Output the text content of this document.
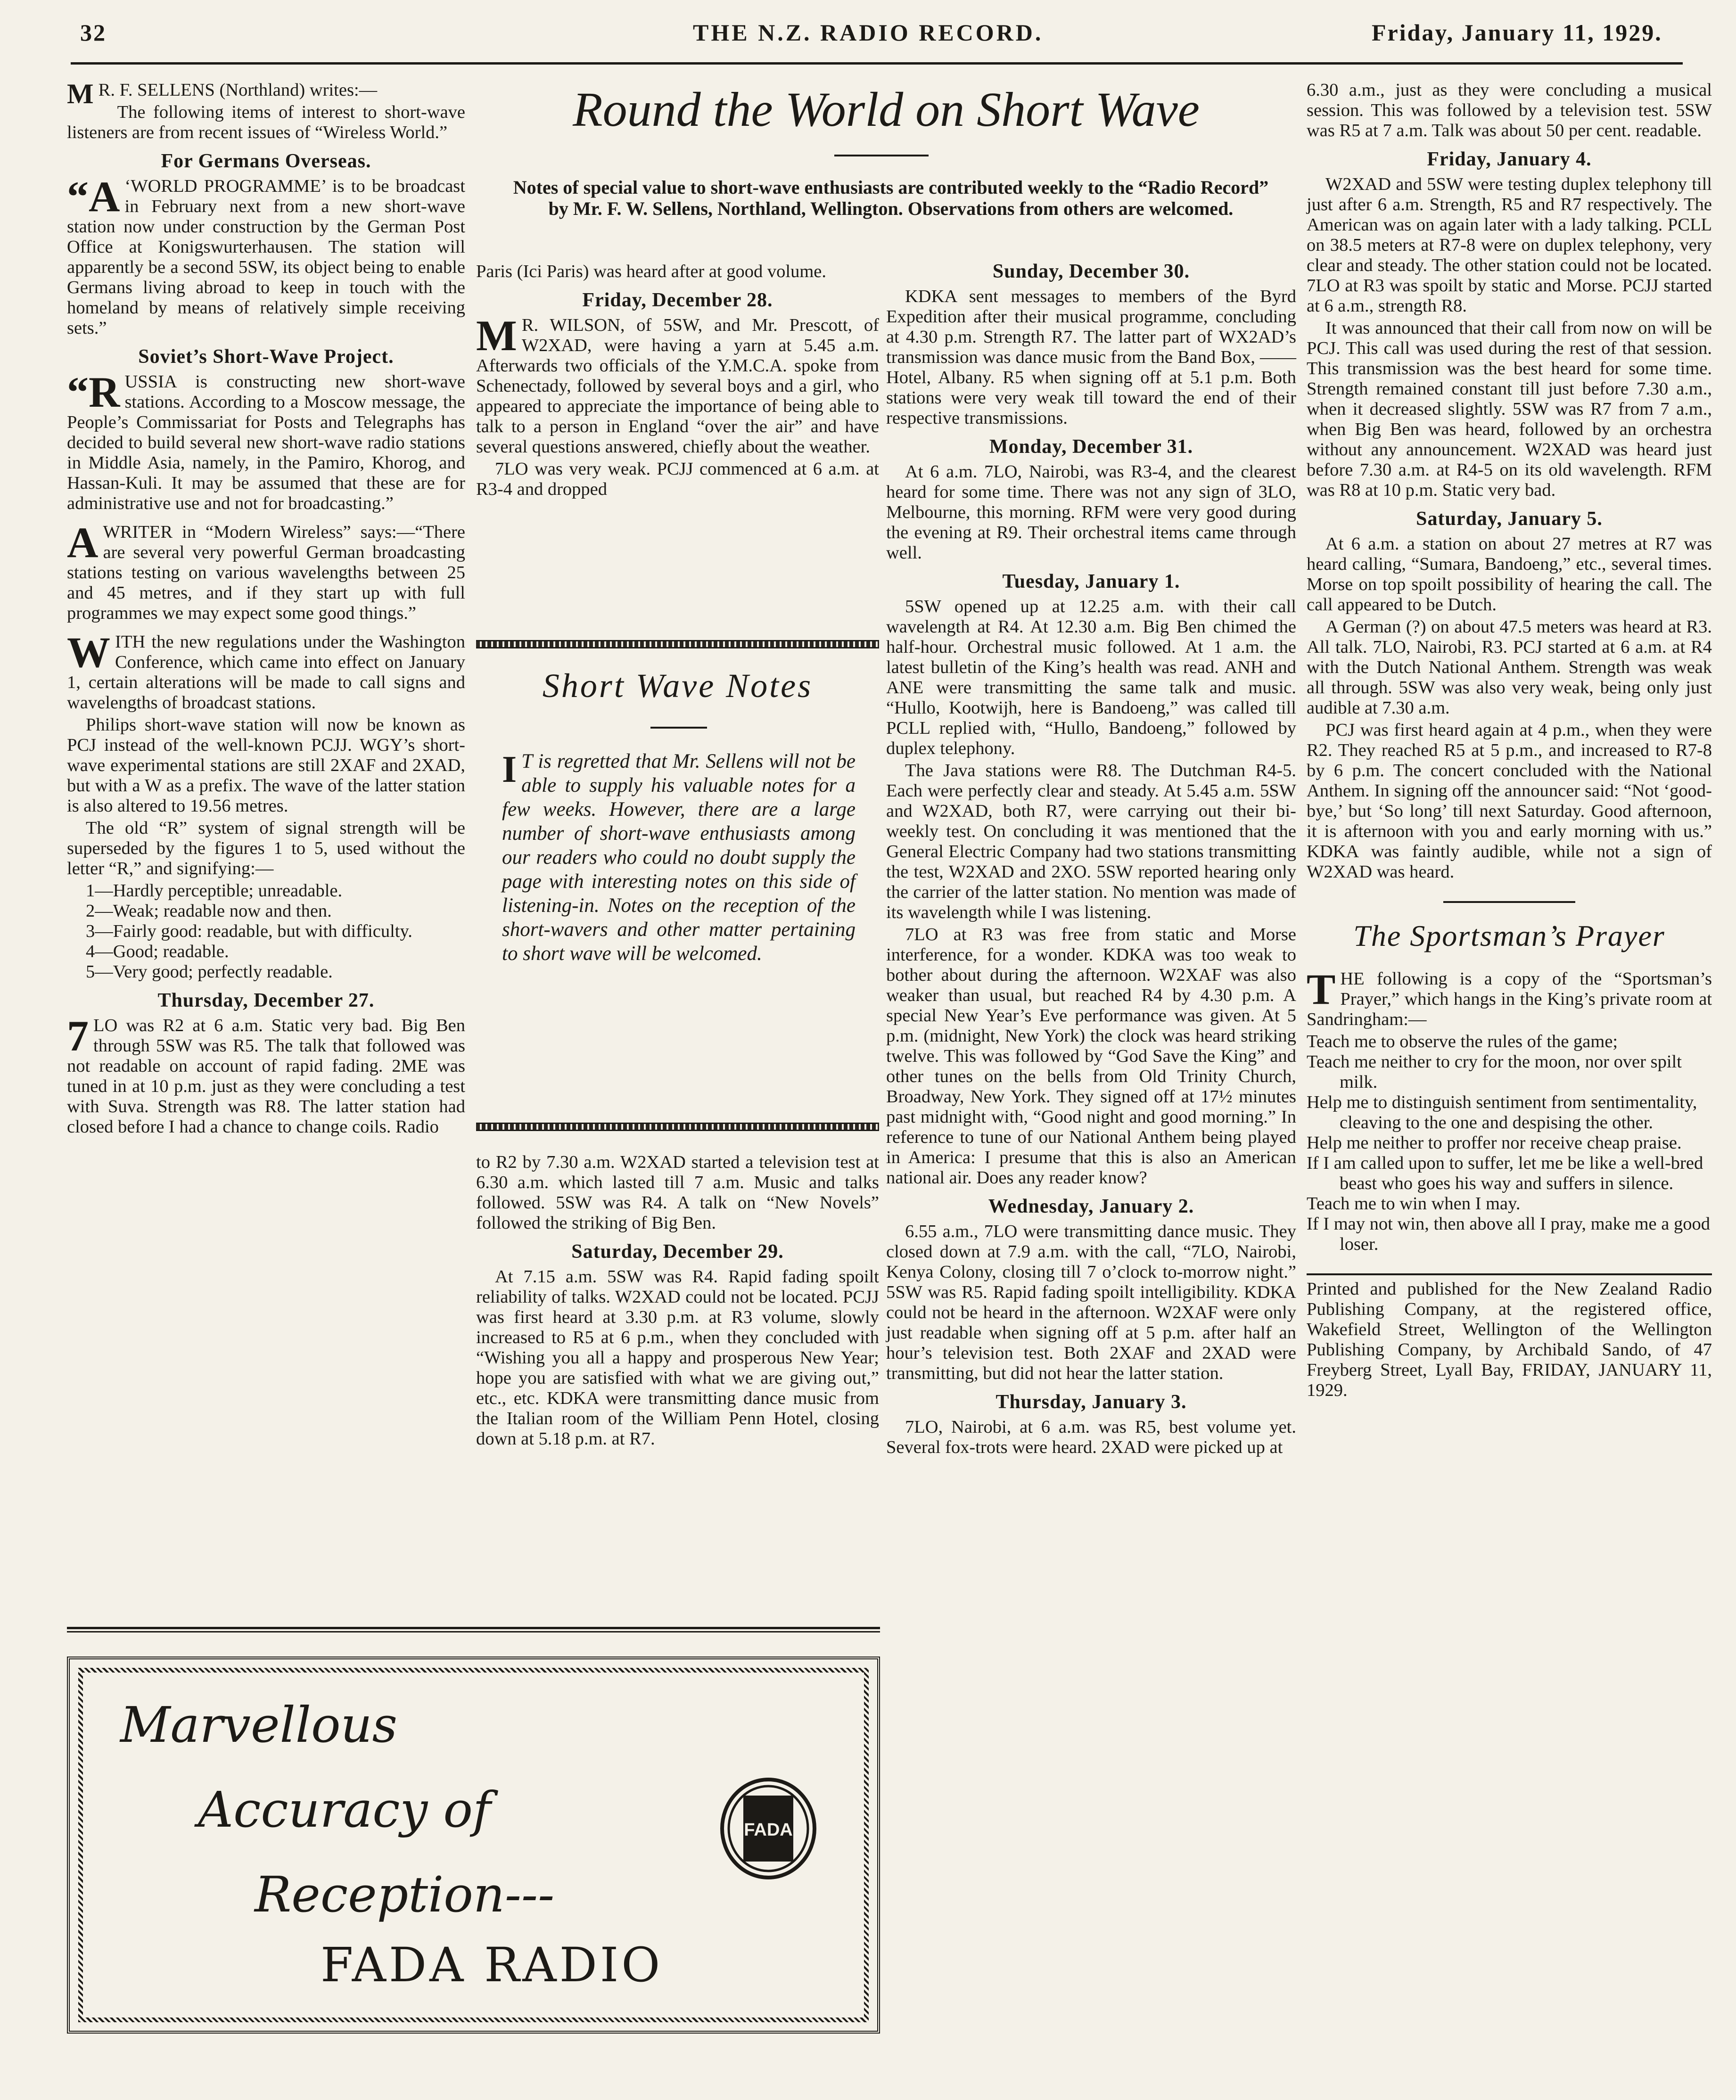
32	THE N.Z. RADIO RECORD.	Friday, January 11, 1929.

M R. F. SELLENS (Northland) writes:—

The following items of interest to short-wave listeners are from recent issues of “Wireless World.”

For Germans Overseas.

“A ‘WORLD PROGRAMME’ is to be broadcast in February next from a new short-wave station now under construction by the German Post Office at Konigswurterhausen. The station will apparently be a second 5SW, its object being to enable Germans living abroad to keep in touch with the homeland by means of relatively simple receiving sets.”

Soviet’s Short-Wave Project.

“RUSSIA is constructing new short-wave stations. According to a Moscow message, the People’s Commissariat for Posts and Telegraphs has decided to build several new short-wave radio stations in Middle Asia, namely, in the Pamiro, Khorog, and Hassan-Kuli. It may be assumed that these are for administrative use and not for broadcasting.”

AWRITER in “Modern Wireless” says:—“There are several very powerful German broadcasting stations testing on various wavelengths between 25 and 45 metres, and if they start up with full programmes we may expect some good things.”

WITH the new regulations under the Washington Conference, which came into effect on January 1, certain alterations will be made to call signs and wavelengths of broadcast stations.

Philips short-wave station will now be known as PCJ instead of the well-known PCJJ. WGY’s short-wave experimental stations are still 2XAF and 2XAD, but with a W as a prefix. The wave of the latter station is also altered to 19.56 metres.

The old “R” system of signal strength will be superseded by the figures 1 to 5, used without the letter “R,” and signifying:—

1—Hardly perceptible; unreadable.
2—Weak; readable now and then.
3—Fairly good: readable, but with difficulty.
4—Good; readable.
5—Very good; perfectly readable.
Thursday, December 27.

7 LO was R2 at 6 a.m. Static very bad. Big Ben through 5SW was R5. The talk that followed was not readable on account of rapid fading. 2ME was tuned in at 10 p.m. just as they were concluding a test with Suva. Strength was R8. The latter station had closed before I had a chance to change coils. Radio

Round the World on Short Wave
Notes of special value to short-wave enthusiasts are contributed weekly to the “Radio Record” by Mr. F. W. Sellens, Northland, Wellington. Observations from others are welcomed.

Paris (Ici Paris) was heard after at good volume.

Friday, December 28.

M R. WILSON, of 5SW, and Mr. Prescott, of W2XAD, were having a yarn at 5.45 a.m. Afterwards two officials of the Y.M.C.A. spoke from Schenectady, followed by several boys and a girl, who appeared to appreciate the importance of being able to talk to a person in England “over the air” and have several questions answered, chiefly about the weather.

7LO was very weak. PCJJ commenced at 6 a.m. at R3-4 and dropped

Short Wave Notes
I T is regretted that Mr. Sellens will not be able to supply his valuable notes for a few weeks. However, there are a large number of short-wave enthusiasts among our readers who could no doubt supply the page with interesting notes on this side of listening-in. Notes on the reception of the short-wavers and other matter pertaining to short wave will be welcomed.

to R2 by 7.30 a.m. W2XAD started a television test at 6.30 a.m. which lasted till 7 a.m. Music and talks followed. 5SW was R4. A talk on “New Novels” followed the striking of Big Ben.

Saturday, December 29.

At 7.15 a.m. 5SW was R4. Rapid fading spoilt reliability of talks. W2XAD could not be located. PCJJ was first heard at 3.30 p.m. at R3 volume, slowly increased to R5 at 6 p.m., when they concluded with “Wishing you all a happy and prosperous New Year; hope you are satisfied with what we are giving out,” etc., etc. KDKA were transmitting dance music from the Italian room of the William Penn Hotel, closing down at 5.18 p.m. at R7.

Sunday, December 30.

KDKA sent messages to members of the Byrd Expedition after their musical programme, concluding at 4.30 p.m. Strength R7. The latter part of WX2AD’s transmission was dance music from the Band Box, —— Hotel, Albany. R5 when signing off at 5.1 p.m. Both stations were very weak till toward the end of their respective transmissions.

Monday, December 31.

At 6 a.m. 7LO, Nairobi, was R3-4, and the clearest heard for some time. There was not any sign of 3LO, Melbourne, this morning. RFM were very good during the evening at R9. Their orchestral items came through well.

Tuesday, January 1.

5SW opened up at 12.25 a.m. with their call wavelength at R4. At 12.30 a.m. Big Ben chimed the half-hour. Orchestral music followed. At 1 a.m. the latest bulletin of the King’s health was read. ANH and ANE were transmitting the same talk and music. “Hullo, Kootwijh, here is Bandoeng,” was called till PCLL replied with, “Hullo, Bandoeng,” followed by duplex telephony.

The Java stations were R8. The Dutchman R4-5. Each were perfectly clear and steady. At 5.45 a.m. 5SW and W2XAD, both R7, were carrying out their bi-weekly test. On concluding it was mentioned that the General Electric Company had two stations transmitting the test, W2XAD and 2XO. 5SW reported hearing only the carrier of the latter station. No mention was made of its wavelength while I was listening.

7LO at R3 was free from static and Morse interference, for a wonder. KDKA was too weak to bother about during the afternoon. W2XAF was also weaker than usual, but reached R4 by 4.30 p.m. A special New Year’s Eve performance was given. At 5 p.m. (midnight, New York) the clock was heard striking twelve. This was followed by “God Save the King” and other tunes on the bells from Old Trinity Church, Broadway, New York. They signed off at 17½ minutes past midnight with, “Good night and good morning.” In reference to tune of our National Anthem being played in America: I presume that this is also an American national air. Does any reader know?

Wednesday, January 2.

6.55 a.m., 7LO were transmitting dance music. They closed down at 7.9 a.m. with the call, “7LO, Nairobi, Kenya Colony, closing till 7 o’clock to-morrow night.” 5SW was R5. Rapid fading spoilt intelligibility. KDKA could not be heard in the afternoon. W2XAF were only just readable when signing off at 5 p.m. after half an hour’s television test. Both 2XAF and 2XAD were transmitting, but did not hear the latter station.

Thursday, January 3.

7LO, Nairobi, at 6 a.m. was R5, best volume yet. Several fox-trots were heard. 2XAD were picked up at

6.30 a.m., just as they were concluding a musical session. This was followed by a television test. 5SW was R5 at 7 a.m. Talk was about 50 per cent. readable.

Friday, January 4.

W2XAD and 5SW were testing duplex telephony till just after 6 a.m. Strength, R5 and R7 respectively. The American was on again later with a lady talking. PCLL on 38.5 meters at R7-8 were on duplex telephony, very clear and steady. The other station could not be located. 7LO at R3 was spoilt by static and Morse. PCJJ started at 6 a.m., strength R8.

It was announced that their call from now on will be PCJ. This call was used during the rest of that session. This transmission was the best heard for some time. Strength remained constant till just before 7.30 a.m., when it decreased slightly. 5SW was R7 from 7 a.m., when Big Ben was heard, followed by an orchestra without any announcement. W2XAD was heard just before 7.30 a.m. at R4-5 on its old wavelength. RFM was R8 at 10 p.m. Static very bad.

Saturday, January 5.

At 6 a.m. a station on about 27 metres at R7 was heard calling, “Sumara, Bandoeng,” etc., several times. Morse on top spoilt possibility of hearing the call. The call appeared to be Dutch.

A German (?) on about 47.5 meters was heard at R3. All talk. 7LO, Nairobi, R3. PCJ started at 6 a.m. at R4 with the Dutch National Anthem. Strength was weak all through. 5SW was also very weak, being only just audible at 7.30 a.m.

PCJ was first heard again at 4 p.m., when they were R2. They reached R5 at 5 p.m., and increased to R7-8 by 6 p.m. The concert concluded with the National Anthem. In signing off the announcer said: “Not ‘good-bye,’ but ‘So long’ till next Saturday. Good afternoon, it is afternoon with you and early morning with us.” KDKA was faintly audible, while not a sign of W2XAD was heard.

The Sportsman’s Prayer

THE following is a copy of the “Sportsman’s Prayer,” which hangs in the King’s private room at Sandringham:—

Teach me to observe the rules of the game;

Teach me neither to cry for the moon, nor over spilt milk.

Help me to distinguish sentiment from sentimentality, cleaving to the one and despising the other.

Help me neither to proffer nor receive cheap praise.

If I am called upon to suffer, let me be like a well-bred beast who goes his way and suffers in silence.

Teach me to win when I may.

If I may not win, then above all I pray, make me a good loser.

Printed and published for the New Zealand Radio Publishing Company, at the registered office, Wakefield Street, Wellington of the Wellington Publishing Company, by Archibald Sando, of 47 Freyberg Street, Lyall Bay, FRIDAY, JANUARY 11, 1929.

Marvellous
Accuracy of
Reception---
FADA RADIO
FADA
